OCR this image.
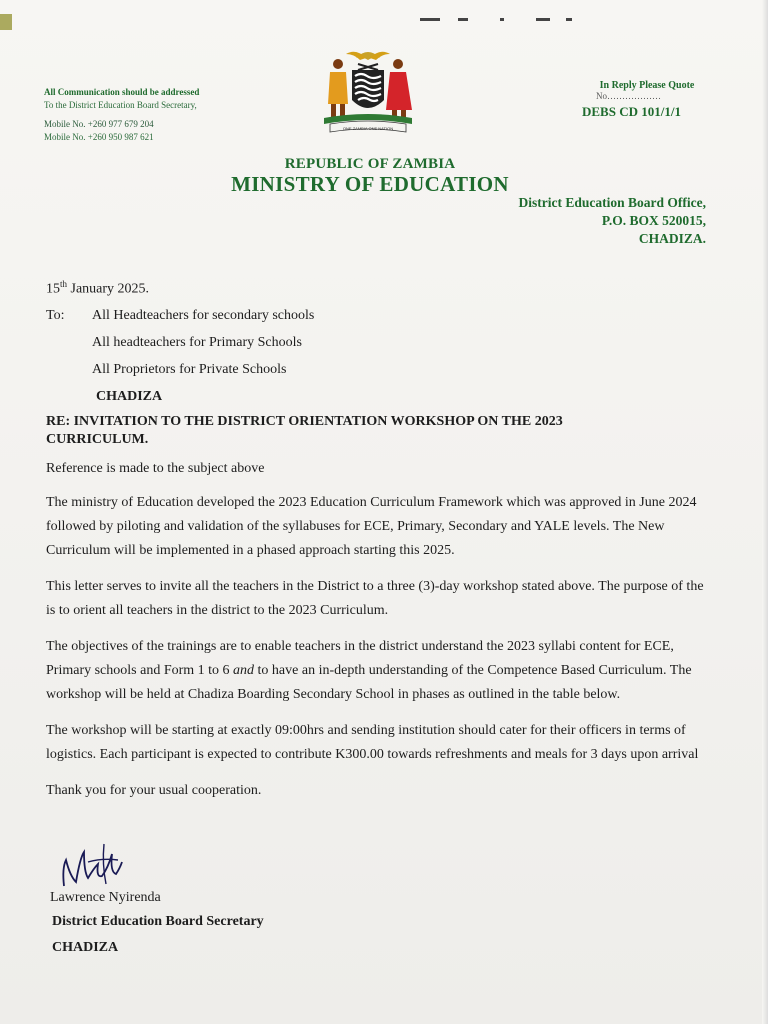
All Communication should be addressed
To the District Education Board Secretary,
Mobile No. +260 977 679 204
Mobile No. +260 950 987 621
ONE ZAMBIA ONE NATION
In Reply Please Quote
No………………
DEBS CD 101/1/1
REPUBLIC OF ZAMBIA
MINISTRY OF EDUCATION
District Education Board Office,
P.O. BOX 520015,
CHADIZA.
15th January 2025.
To:	All Headteachers for secondary schools
All headteachers for Primary Schools
All Proprietors for Private Schools
CHADIZA
RE: INVITATION TO THE DISTRICT ORIENTATION WORKSHOP ON THE 2023
CURRICULUM.

Reference is made to the subject above

The ministry of Education developed the 2023 Education Curriculum Framework which was approved in June 2024 followed by piloting and validation of the syllabuses for ECE, Primary, Secondary and YALE levels. The New Curriculum will be implemented in a phased approach starting this 2025.

This letter serves to invite all the teachers in the District to a three (3)-day workshop stated above. The purpose of the is to orient all teachers in the district to the 2023 Curriculum.

The objectives of the trainings are to enable teachers in the district understand the 2023 syllabi content for ECE, Primary schools and Form 1 to 6 and to have an in-depth understanding of the Competence Based Curriculum. The workshop will be held at Chadiza Boarding Secondary School in phases as outlined in the table below.

The workshop will be starting at exactly 09:00hrs and sending institution should cater for their officers in terms of logistics. Each participant is expected to contribute K300.00 towards refreshments and meals for 3 days upon arrival

Thank you for your usual cooperation.

Lawrence Nyirenda
District Education Board Secretary
CHADIZA
